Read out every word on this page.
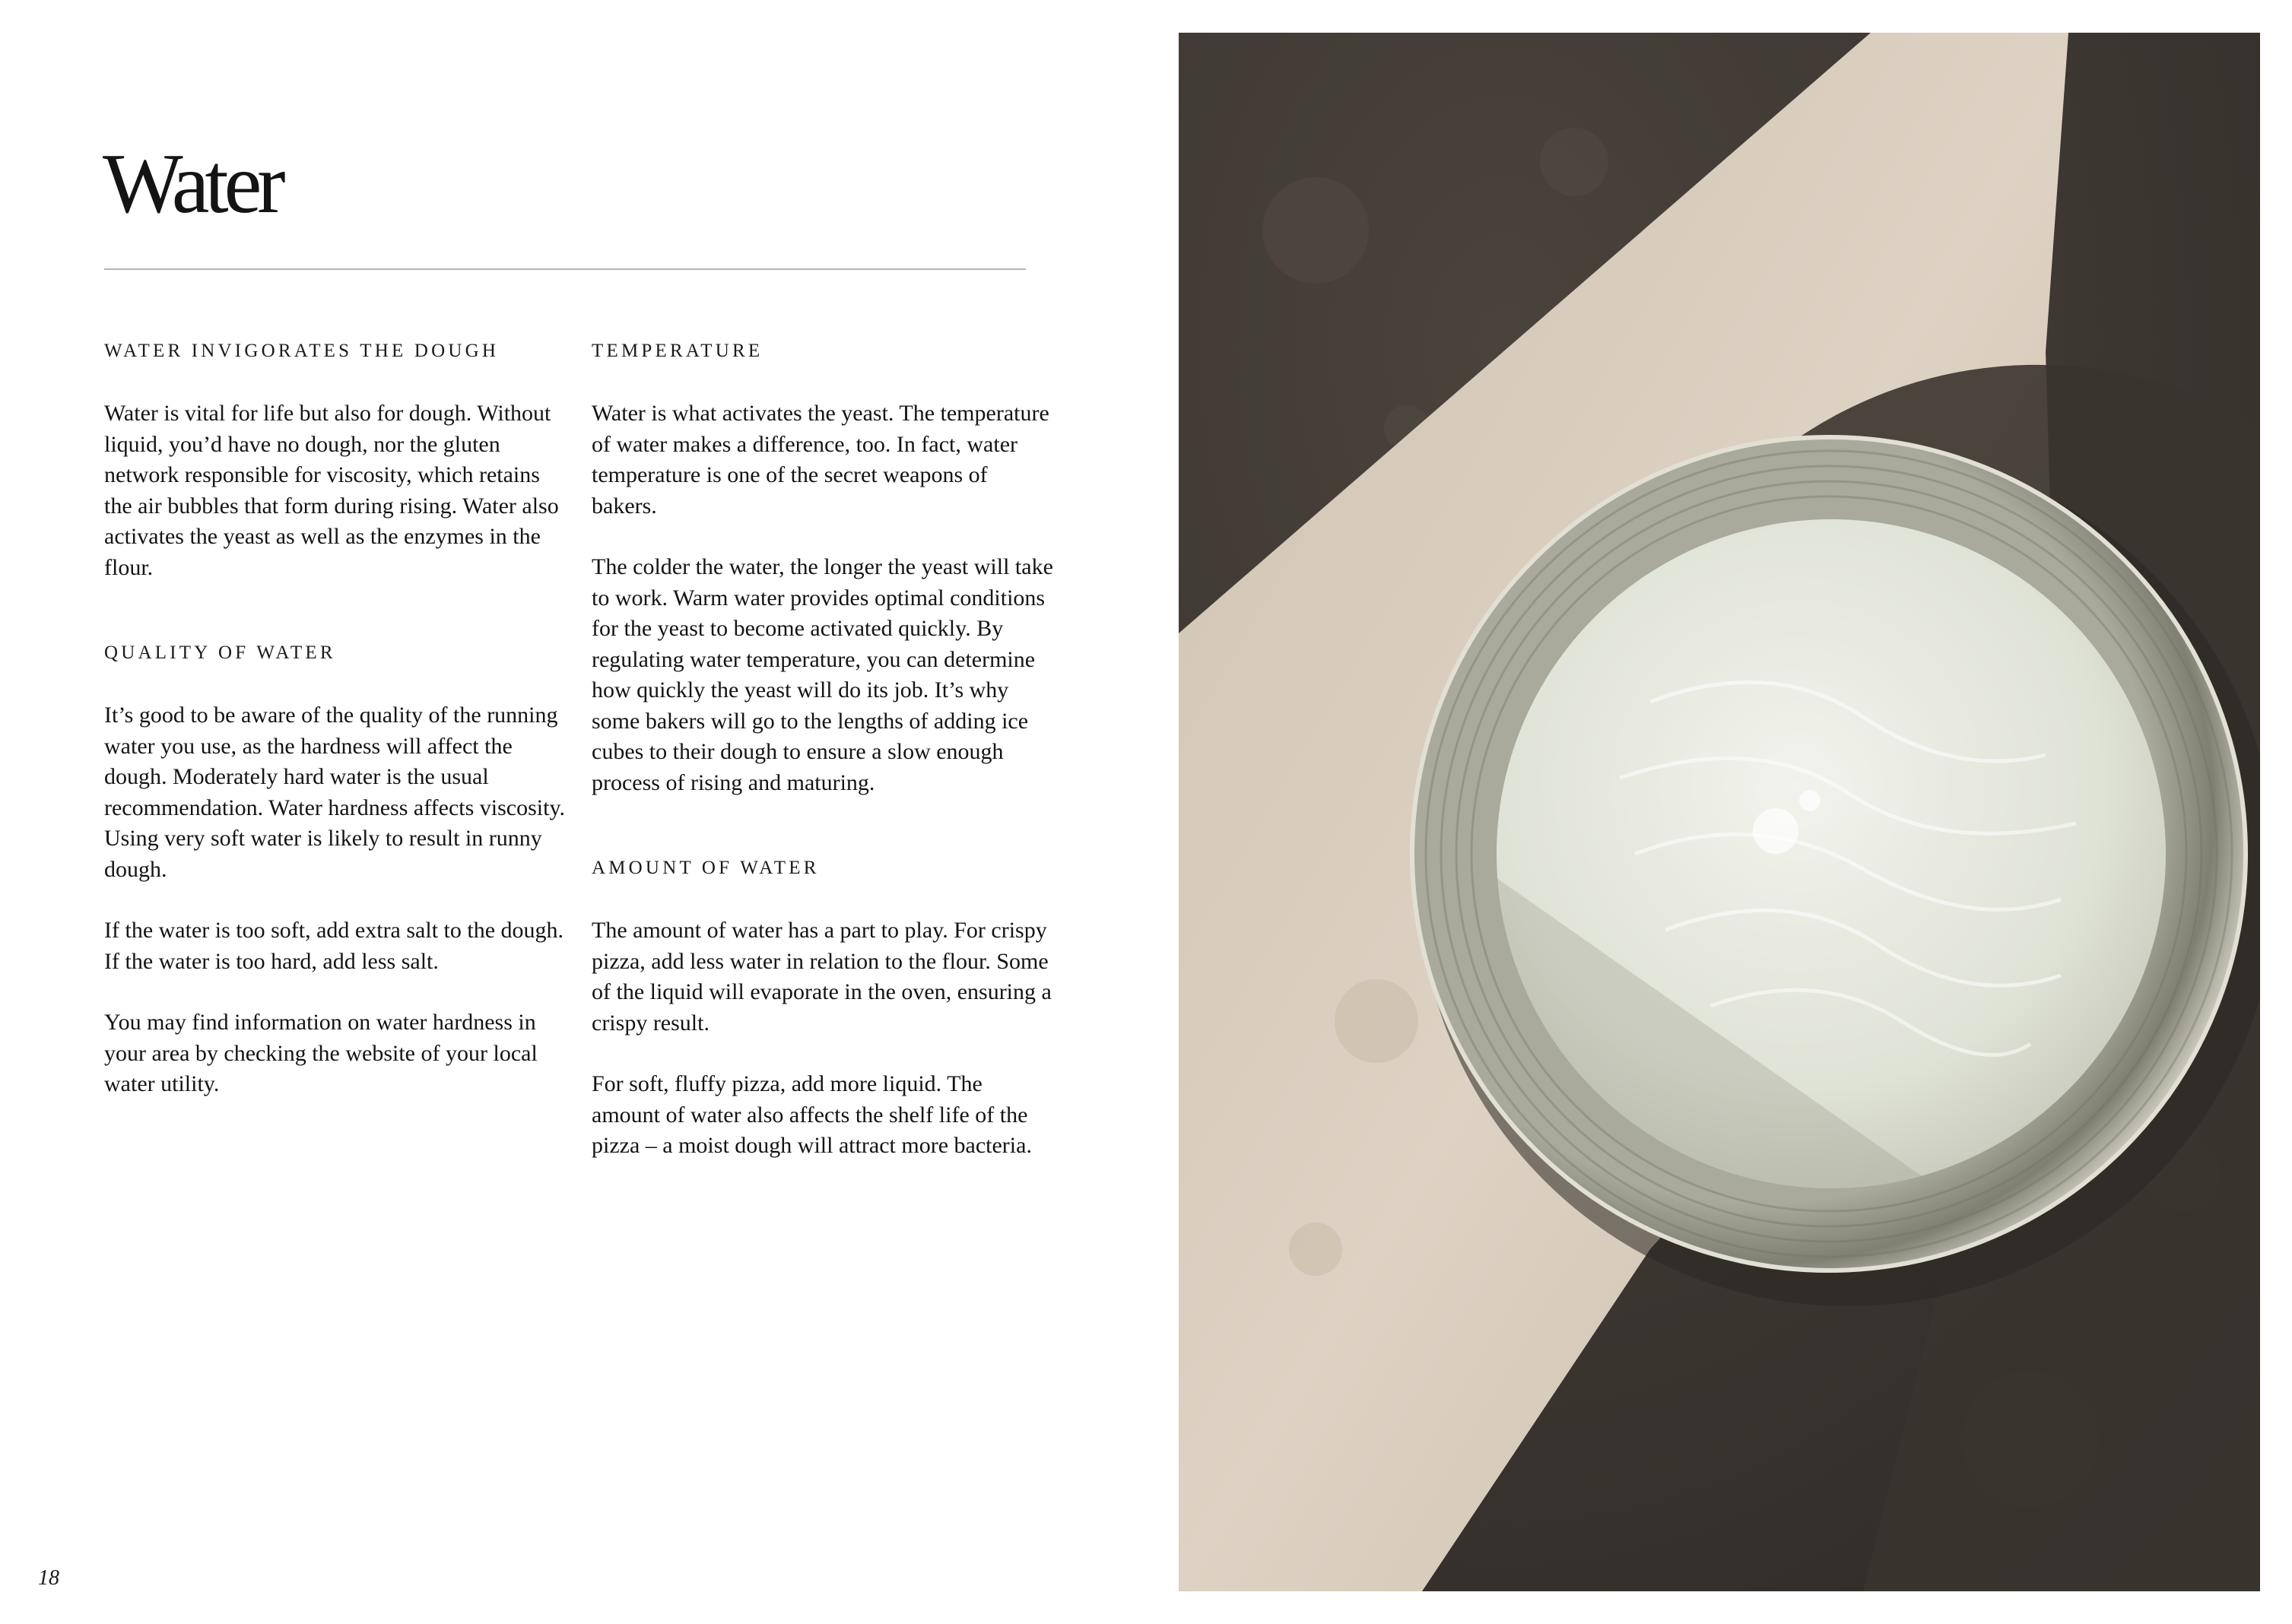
Water
WATER INVIGORATES THE DOUGH

Water is vital for life but also for dough. Without liquid, you’d have no dough, nor the gluten network responsible for viscosity, which retains the air bubbles that form during rising. Water also activates the yeast as well as the enzymes in the flour.

QUALITY OF WATER

It’s good to be aware of the quality of the running water you use, as the hardness will affect the dough. Moderately hard water is the usual recommendation. Water hardness affects viscosity. Using very soft water is likely to result in runny dough.

If the water is too soft, add extra salt to the dough. If the water is too hard, add less salt.

You may find information on water hardness in your area by checking the website of your local water utility.

TEMPERATURE

Water is what activates the yeast. The temperature of water makes a difference, too. In fact, water temperature is one of the secret weapons of bakers.

The colder the water, the longer the yeast will take to work. Warm water provides optimal conditions for the yeast to become activated quickly. By regulating water temperature, you can determine how quickly the yeast will do its job. It’s why some bakers will go to the lengths of adding ice cubes to their dough to ensure a slow enough process of rising and maturing.

AMOUNT OF WATER

The amount of water has a part to play. For crispy pizza, add less water in relation to the flour. Some of the liquid will evaporate in the oven, ensuring a crispy result.

For soft, fluffy pizza, add more liquid. The amount of water also affects the shelf life of the pizza – a moist dough will attract more bacteria.

18
